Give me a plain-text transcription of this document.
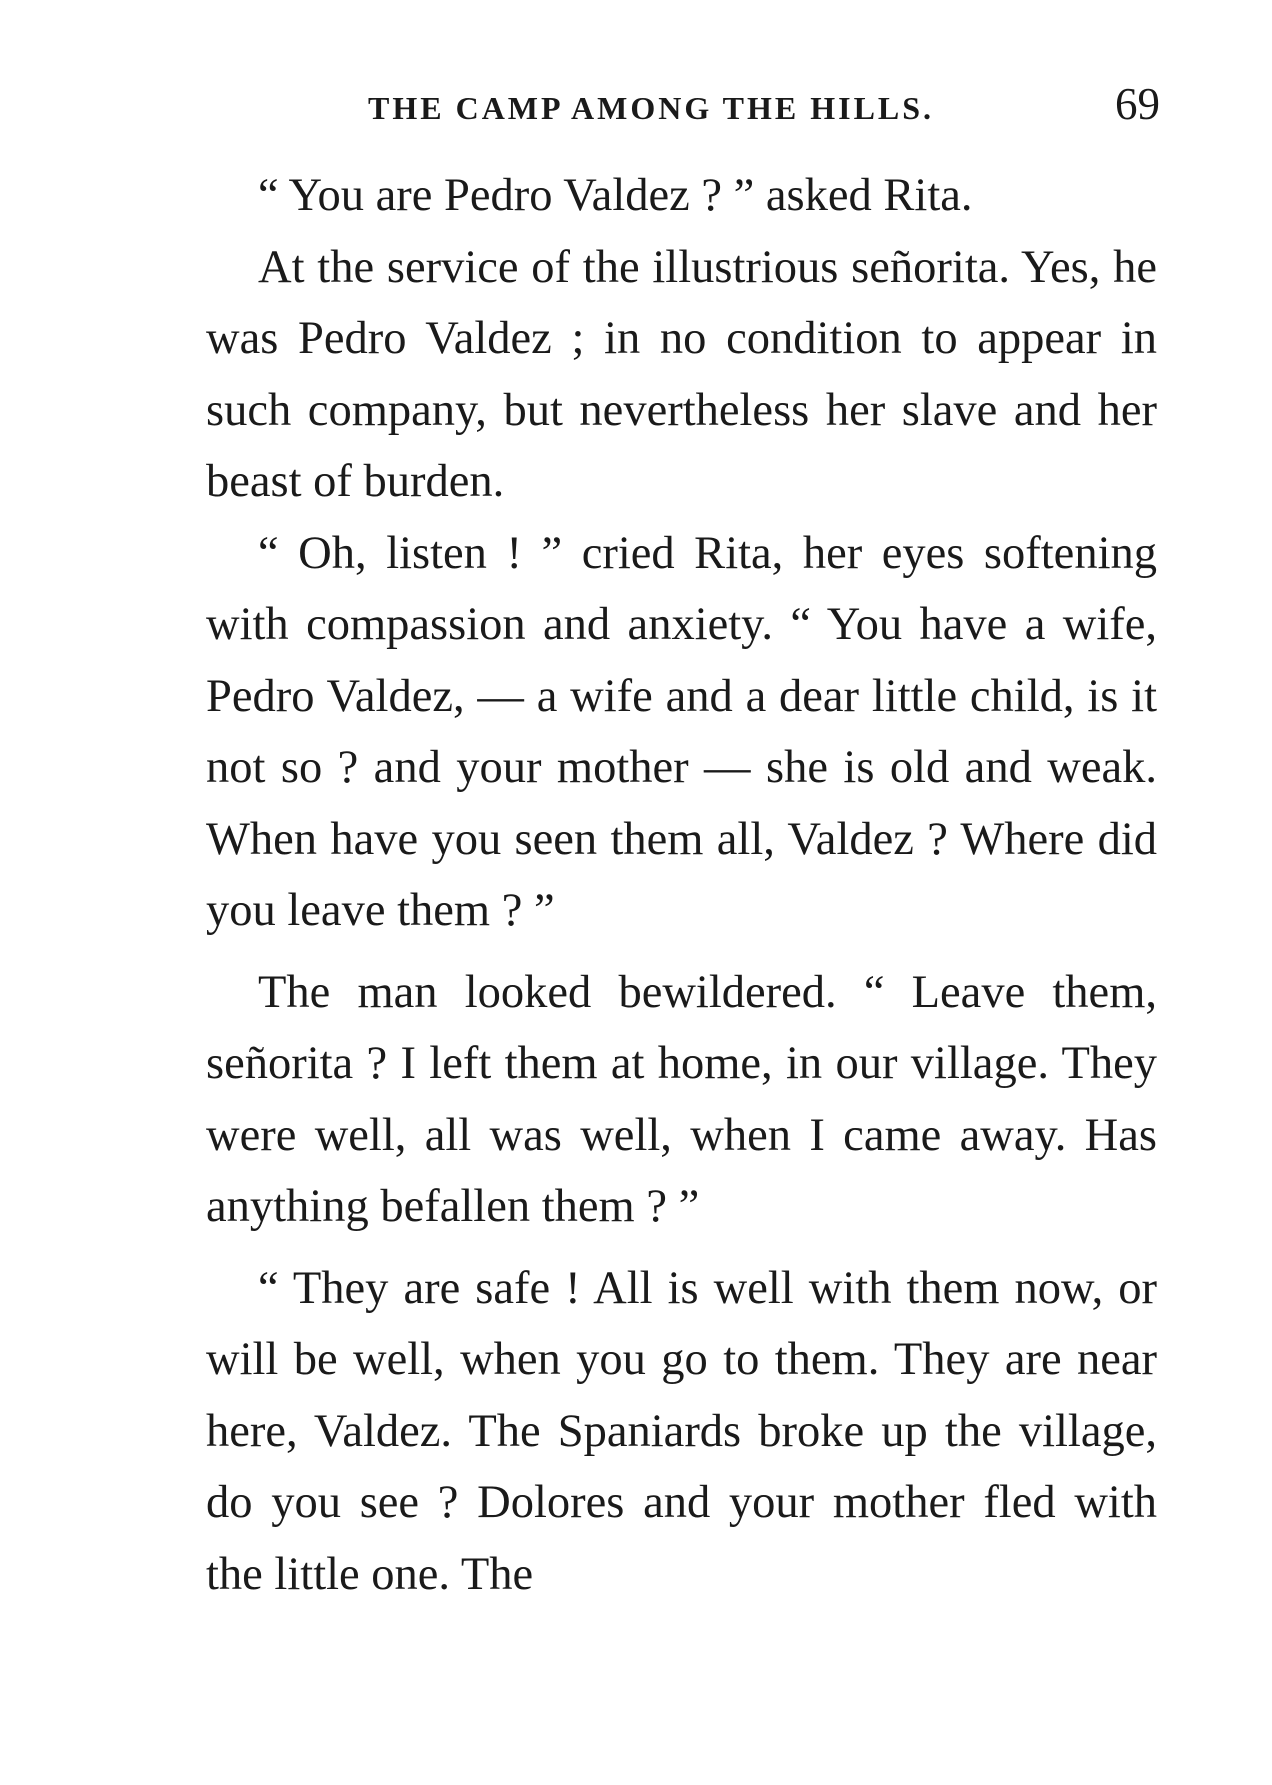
THE CAMP AMONG THE HILLS.	69

“ You are Pedro Valdez ? ” asked Rita.

At the service of the illustrious señorita. Yes, he was Pedro Valdez ; in no condition to appear in such company, but nevertheless her slave and her beast of burden.

“ Oh, listen ! ” cried Rita, her eyes softening with compassion and anxiety. “ You have a wife, Pedro Valdez, — a wife and a dear little child, is it not so ? and your mother — she is old and weak. When have you seen them all, Valdez ? Where did you leave them ? ”

The man looked bewildered. “ Leave them, señorita ? I left them at home, in our village. They were well, all was well, when I came away. Has anything befallen them ? ”

“ They are safe ! All is well with them now, or will be well, when you go to them. They are near here, Valdez. The Spaniards broke up the village, do you see ? Dolores and your mother fled with the little one. The
